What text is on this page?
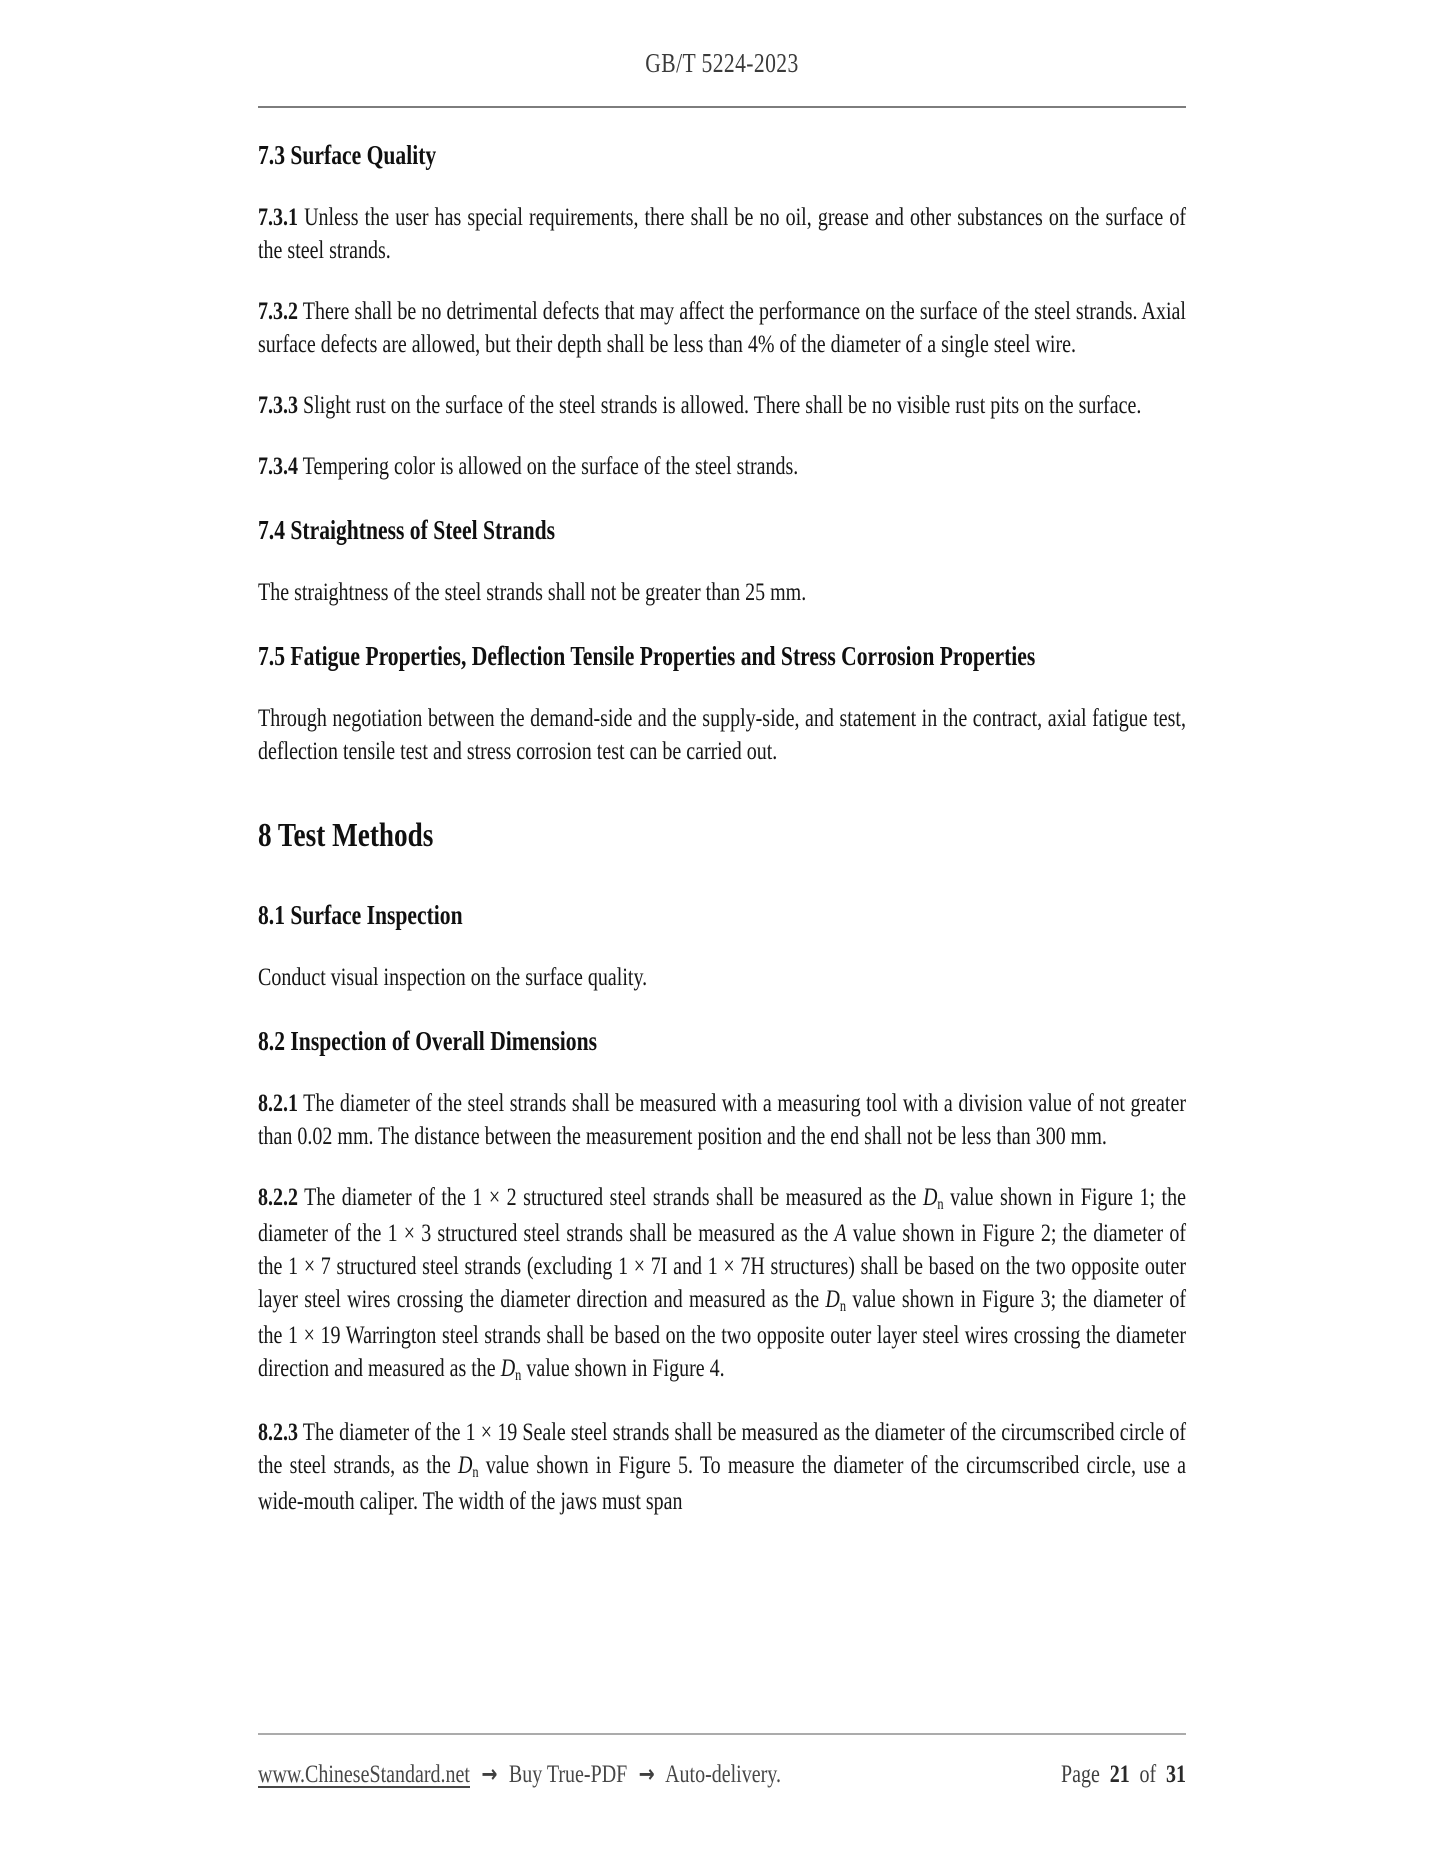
GB/T 5224-2023
7.3 Surface Quality

7.3.1 Unless the user has special requirements, there shall be no oil, grease and other substances on the surface of the steel strands.

7.3.2 There shall be no detrimental defects that may affect the performance on the surface of the steel strands. Axial surface defects are allowed, but their depth shall be less than 4% of the diameter of a single steel wire.

7.3.3 Slight rust on the surface of the steel strands is allowed. There shall be no visible rust pits on the surface.

7.3.4 Tempering color is allowed on the surface of the steel strands.

7.4 Straightness of Steel Strands

The straightness of the steel strands shall not be greater than 25 mm.

7.5 Fatigue Properties, Deflection Tensile Properties and Stress Corrosion Properties

Through negotiation between the demand-side and the supply-side, and statement in the contract, axial fatigue test, deflection tensile test and stress corrosion test can be carried out.

8 Test Methods
8.1 Surface Inspection

Conduct visual inspection on the surface quality.

8.2 Inspection of Overall Dimensions

8.2.1 The diameter of the steel strands shall be measured with a measuring tool with a division value of not greater than 0.02 mm. The distance between the measurement position and the end shall not be less than 300 mm.

8.2.2 The diameter of the 1 × 2 structured steel strands shall be measured as the $D_n$ value shown in Figure 1; the diameter of the 1 × 3 structured steel strands shall be measured as the A value shown in Figure 2; the diameter of the 1 × 7 structured steel strands (excluding 1 × 7I and 1 × 7H structures) shall be based on the two opposite outer layer steel wires crossing the diameter direction and measured as the $D_n$ value shown in Figure 3; the diameter of the 1 × 19 Warrington steel strands shall be based on the two opposite outer layer steel wires crossing the diameter direction and measured as the $D_n$ value shown in Figure 4.

8.2.3 The diameter of the 1 × 19 Seale steel strands shall be measured as the diameter of the circumscribed circle of the steel strands, as the $D_n$ value shown in Figure 5. To measure the diameter of the circumscribed circle, use a wide-mouth caliper. The width of the jaws must span

www.ChineseStandard.net → Buy True-PDF → Auto-delivery.	Page 21 of 31
